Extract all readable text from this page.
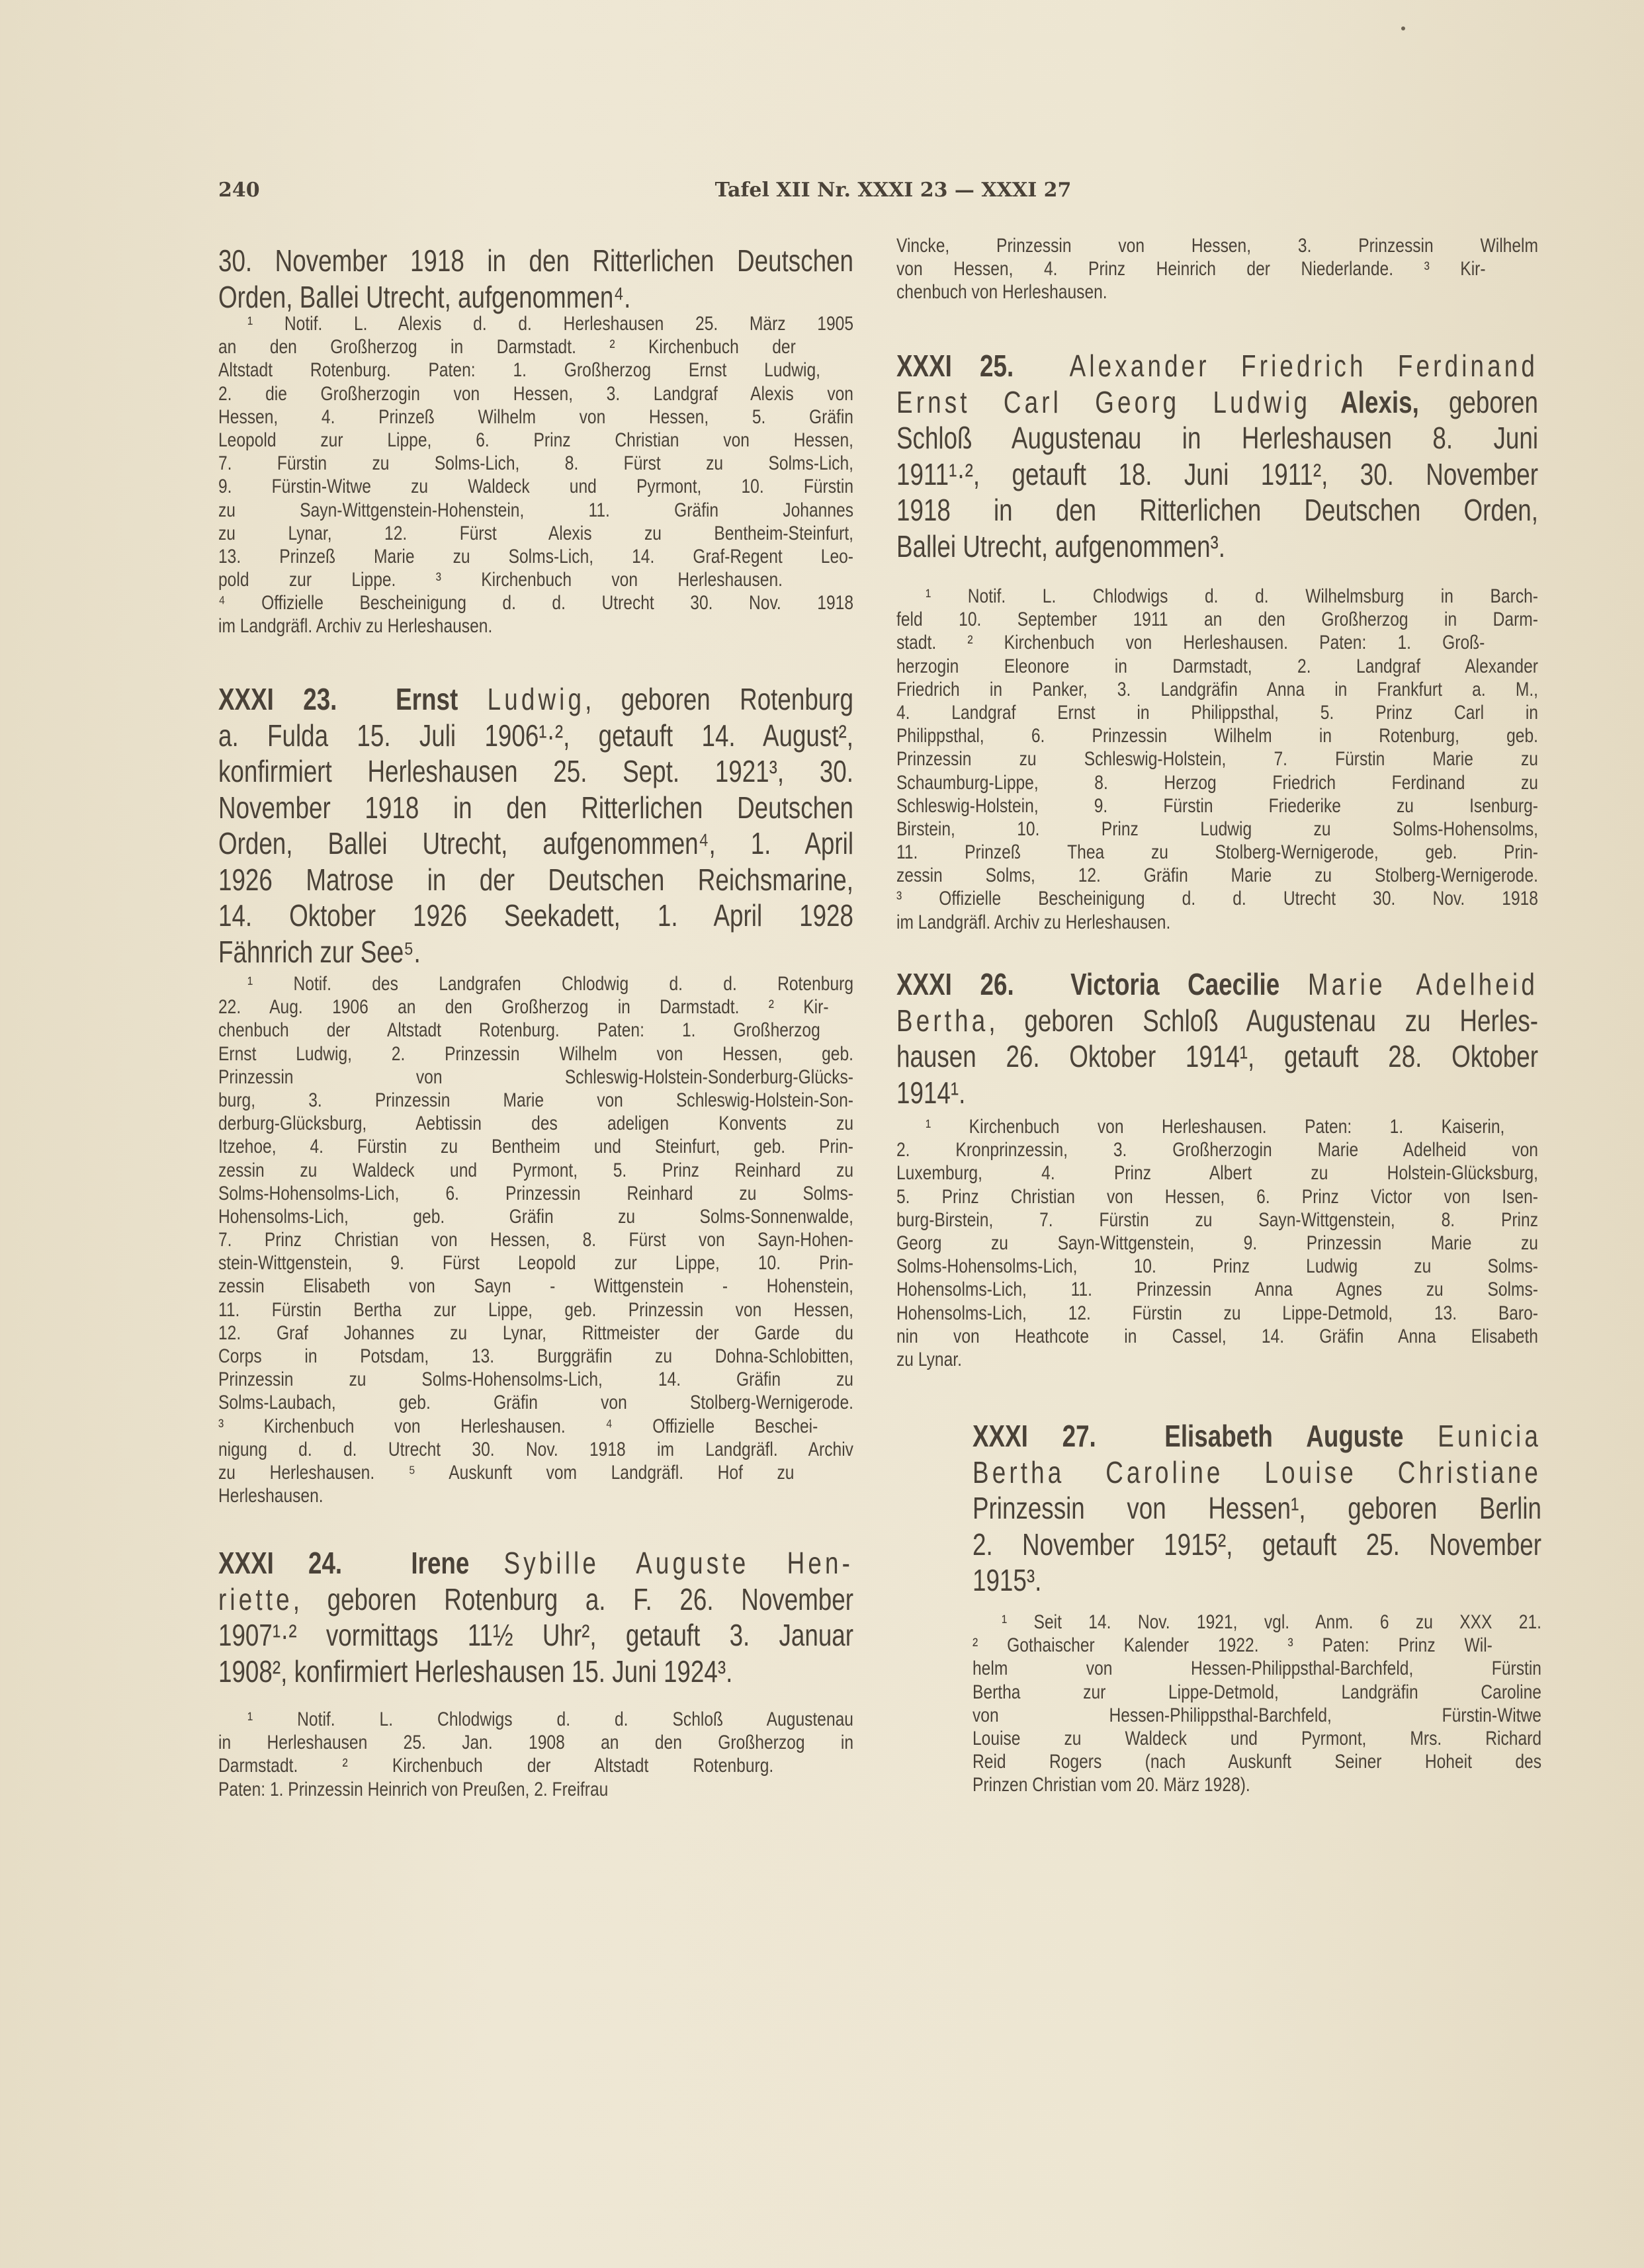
240	Tafel XII Nr. XXXI 23 — XXXI 27
30. November 1918 in den Ritterlichen Deutschen
Orden, Ballei Utrecht, aufgenommen⁴.
¹ Notif. L. Alexis d. d. Herleshausen 25. März 1905
an den Großherzog in Darmstadt. ² Kirchenbuch der
Altstadt Rotenburg. Paten: 1. Großherzog Ernst Ludwig,
2. die Großherzogin von Hessen, 3. Landgraf Alexis von
Hessen, 4. Prinzeß Wilhelm von Hessen, 5. Gräfin
Leopold zur Lippe, 6. Prinz Christian von Hessen,
7. Fürstin zu Solms-Lich, 8. Fürst zu Solms-Lich,
9. Fürstin-Witwe zu Waldeck und Pyrmont, 10. Fürstin
zu Sayn-Wittgenstein-Hohenstein, 11. Gräfin Johannes
zu Lynar, 12. Fürst Alexis zu Bentheim-Steinfurt,
13. Prinzeß Marie zu Solms-Lich, 14. Graf-Regent Leo-
pold zur Lippe. ³ Kirchenbuch von Herleshausen.
⁴ Offizielle Bescheinigung d. d. Utrecht 30. Nov. 1918
im Landgräfl. Archiv zu Herleshausen.
XXXI 23. Ernst Ludwig, geboren Rotenburg
a. Fulda 15. Juli 1906¹·², getauft 14. August²,
konfirmiert Herleshausen 25. Sept. 1921³, 30.
November 1918 in den Ritterlichen Deutschen
Orden, Ballei Utrecht, aufgenommen⁴, 1. April
1926 Matrose in der Deutschen Reichsmarine,
14. Oktober 1926 Seekadett, 1. April 1928
Fähnrich zur See⁵.
¹ Notif. des Landgrafen Chlodwig d. d. Rotenburg
22. Aug. 1906 an den Großherzog in Darmstadt. ² Kir-
chenbuch der Altstadt Rotenburg. Paten: 1. Großherzog
Ernst Ludwig, 2. Prinzessin Wilhelm von Hessen, geb.
Prinzessin von Schleswig-Holstein-Sonderburg-Glücks-
burg, 3. Prinzessin Marie von Schleswig-Holstein-Son-
derburg-Glücksburg, Aebtissin des adeligen Konvents zu
Itzehoe, 4. Fürstin zu Bentheim und Steinfurt, geb. Prin-
zessin zu Waldeck und Pyrmont, 5. Prinz Reinhard zu
Solms-Hohensolms-Lich, 6. Prinzessin Reinhard zu Solms-
Hohensolms-Lich, geb. Gräfin zu Solms-Sonnenwalde,
7. Prinz Christian von Hessen, 8. Fürst von Sayn-Hohen-
stein-Wittgenstein, 9. Fürst Leopold zur Lippe, 10. Prin-
zessin Elisabeth von Sayn - Wittgenstein - Hohenstein,
11. Fürstin Bertha zur Lippe, geb. Prinzessin von Hessen,
12. Graf Johannes zu Lynar, Rittmeister der Garde du
Corps in Potsdam, 13. Burggräfin zu Dohna-Schlobitten,
Prinzessin zu Solms-Hohensolms-Lich, 14. Gräfin zu
Solms-Laubach, geb. Gräfin von Stolberg-Wernigerode.
³ Kirchenbuch von Herleshausen. ⁴ Offizielle Beschei-
nigung d. d. Utrecht 30. Nov. 1918 im Landgräfl. Archiv
zu Herleshausen. ⁵ Auskunft vom Landgräfl. Hof zu
Herleshausen.
XXXI 24. Irene Sybille Auguste Hen-
riette, geboren Rotenburg a. F. 26. November
1907¹·² vormittags 11½ Uhr², getauft 3. Januar
1908², konfirmiert Herleshausen 15. Juni 1924³.
¹ Notif. L. Chlodwigs d. d. Schloß Augustenau
in Herleshausen 25. Jan. 1908 an den Großherzog in
Darmstadt. ² Kirchenbuch der Altstadt Rotenburg.
Paten: 1. Prinzessin Heinrich von Preußen, 2. Freifrau
Vincke, Prinzessin von Hessen, 3. Prinzessin Wilhelm
von Hessen, 4. Prinz Heinrich der Niederlande. ³ Kir-
chenbuch von Herleshausen.
XXXI 25. Alexander Friedrich Ferdinand
Ernst Carl Georg Ludwig Alexis, geboren
Schloß Augustenau in Herleshausen 8. Juni
1911¹·², getauft 18. Juni 1911², 30. November
1918 in den Ritterlichen Deutschen Orden,
Ballei Utrecht, aufgenommen³.
¹ Notif. L. Chlodwigs d. d. Wilhelmsburg in Barch-
feld 10. September 1911 an den Großherzog in Darm-
stadt. ² Kirchenbuch von Herleshausen. Paten: 1. Groß-
herzogin Eleonore in Darmstadt, 2. Landgraf Alexander
Friedrich in Panker, 3. Landgräfin Anna in Frankfurt a. M.,
4. Landgraf Ernst in Philippsthal, 5. Prinz Carl in
Philippsthal, 6. Prinzessin Wilhelm in Rotenburg, geb.
Prinzessin zu Schleswig-Holstein, 7. Fürstin Marie zu
Schaumburg-Lippe, 8. Herzog Friedrich Ferdinand zu
Schleswig-Holstein, 9. Fürstin Friederike zu Isenburg-
Birstein, 10. Prinz Ludwig zu Solms-Hohensolms,
11. Prinzeß Thea zu Stolberg-Wernigerode, geb. Prin-
zessin Solms, 12. Gräfin Marie zu Stolberg-Wernigerode.
³ Offizielle Bescheinigung d. d. Utrecht 30. Nov. 1918
im Landgräfl. Archiv zu Herleshausen.
XXXI 26. Victoria Caecilie Marie Adelheid
Bertha, geboren Schloß Augustenau zu Herles-
hausen 26. Oktober 1914¹, getauft 28. Oktober
1914¹.
¹ Kirchenbuch von Herleshausen. Paten: 1. Kaiserin,
2. Kronprinzessin, 3. Großherzogin Marie Adelheid von
Luxemburg, 4. Prinz Albert zu Holstein-Glücksburg,
5. Prinz Christian von Hessen, 6. Prinz Victor von Isen-
burg-Birstein, 7. Fürstin zu Sayn-Wittgenstein, 8. Prinz
Georg zu Sayn-Wittgenstein, 9. Prinzessin Marie zu
Solms-Hohensolms-Lich, 10. Prinz Ludwig zu Solms-
Hohensolms-Lich, 11. Prinzessin Anna Agnes zu Solms-
Hohensolms-Lich, 12. Fürstin zu Lippe-Detmold, 13. Baro-
nin von Heathcote in Cassel, 14. Gräfin Anna Elisabeth
zu Lynar.
XXXI 27. Elisabeth Auguste Eunicia
Bertha Caroline Louise Christiane
Prinzessin von Hessen¹, geboren Berlin
2. November 1915², getauft 25. November
1915³.
¹ Seit 14. Nov. 1921, vgl. Anm. 6 zu XXX 21.
² Gothaischer Kalender 1922. ³ Paten: Prinz Wil-
helm von Hessen-Philippsthal-Barchfeld, Fürstin
Bertha zur Lippe-Detmold, Landgräfin Caroline
von Hessen-Philippsthal-Barchfeld, Fürstin-Witwe
Louise zu Waldeck und Pyrmont, Mrs. Richard
Reid Rogers (nach Auskunft Seiner Hoheit des
Prinzen Christian vom 20. März 1928).
